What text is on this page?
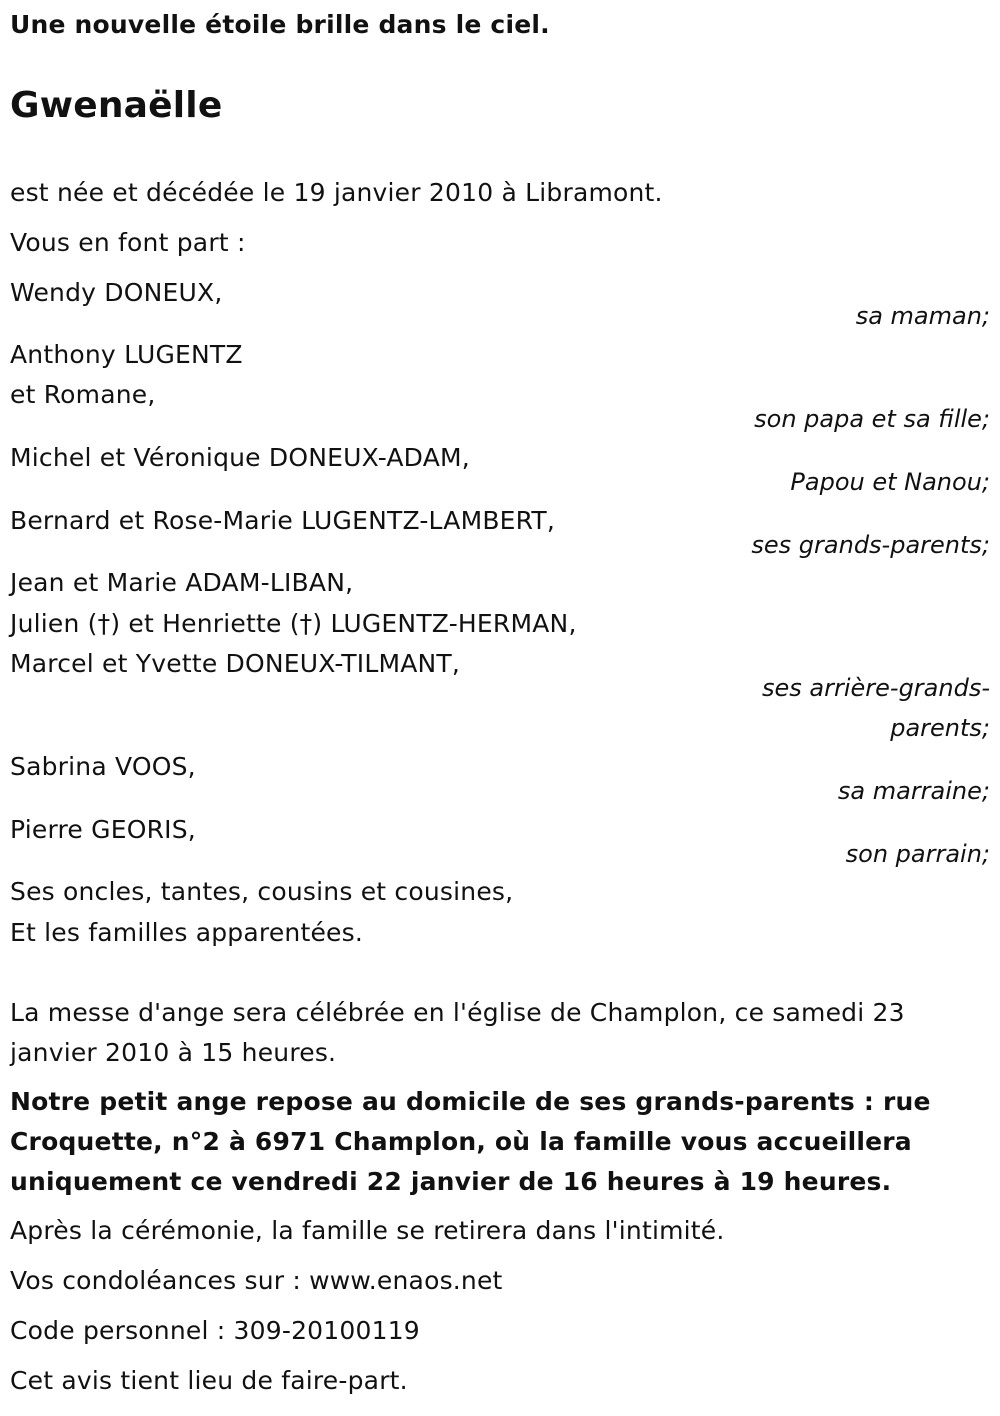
Une nouvelle étoile brille dans le ciel.
Gwenaëlle
est née et décédée le 19 janvier 2010 à Libramont.
Vous en font part :
Wendy DONEUX,
sa maman;
Anthony LUGENTZ
et Romane,
son papa et sa fille;
Michel et Véronique DONEUX-ADAM,
Papou et Nanou;
Bernard et Rose-Marie LUGENTZ-LAMBERT,
ses grands-parents;
Jean et Marie ADAM-LIBAN,
Julien (†) et Henriette (†) LUGENTZ-HERMAN,
Marcel et Yvette DONEUX-TILMANT,
ses arrière-grands-
parents;
Sabrina VOOS,
sa marraine;
Pierre GEORIS,
son parrain;
Ses oncles, tantes, cousins et cousines,
Et les familles apparentées.
La messe d'ange sera célébrée en l'église de Champlon, ce samedi 23
janvier 2010 à 15 heures.
Notre petit ange repose au domicile de ses grands-parents : rue
Croquette, n°2 à 6971 Champlon, où la famille vous accueillera
uniquement ce vendredi 22 janvier de 16 heures à 19 heures.
Après la cérémonie, la famille se retirera dans l'intimité.
Vos condoléances sur : www.enaos.net
Code personnel : 309-20100119
Cet avis tient lieu de faire-part.
